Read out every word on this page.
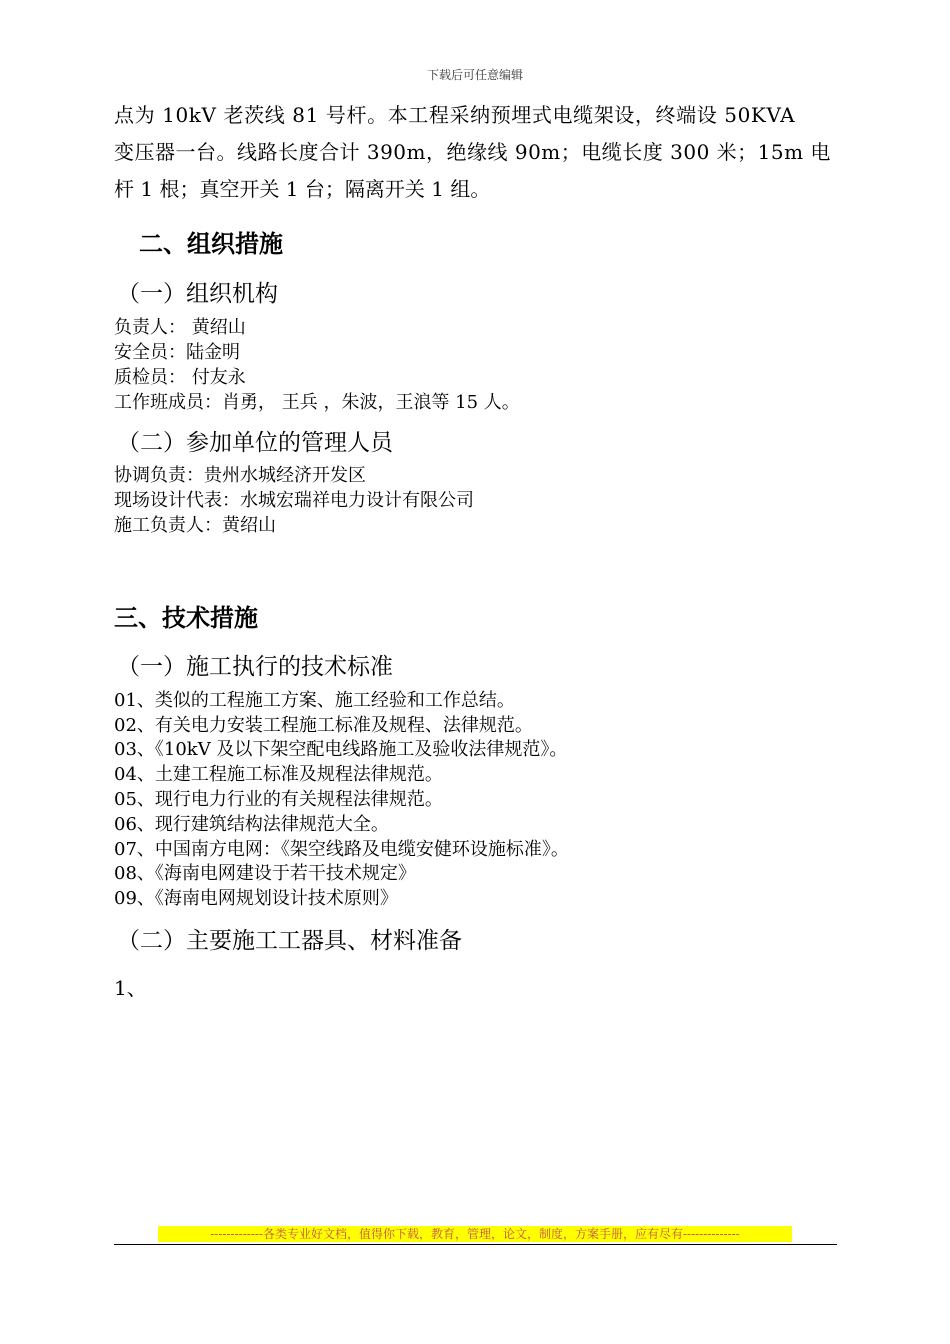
下载后可任意编辑
点为 10kV 老茨线 81 号杆。本工程采纳预埋式电缆架设，终端设 50KVA
变压器一台。线路长度合计 390m，绝缘线 90m；电缆长度 300 米；15m 电
杆 1 根；真空开关 1 台；隔离开关 1 组。
二、组织措施
（一）组织机构
负责人： 黄绍山
安全员：陆金明
质检员： 付友永
工作班成员：肖勇， 王兵 ，朱波，王浪等 15 人。
（二）参加单位的管理人员
协调负责：贵州水城经济开发区
现场设计代表：水城宏瑞祥电力设计有限公司
施工负责人：黄绍山
三、技术措施
（一）施工执行的技术标准
01、类似的工程施工方案、施工经验和工作总结。
02、有关电力安装工程施工标准及规程、法律规范。
03、《10kV 及以下架空配电线路施工及验收法律规范》。
04、土建工程施工标准及规程法律规范。
05、现行电力行业的有关规程法律规范。
06、现行建筑结构法律规范大全。
07、中国南方电网：《架空线路及电缆安健环设施标准》。
08、《海南电网建设于若干技术规定》
09、《海南电网规划设计技术原则》
（二）主要施工工器具、材料准备
1、
-------------各类专业好文档，值得你下载，教育，管理，论文，制度，方案手册，应有尽有--------------
